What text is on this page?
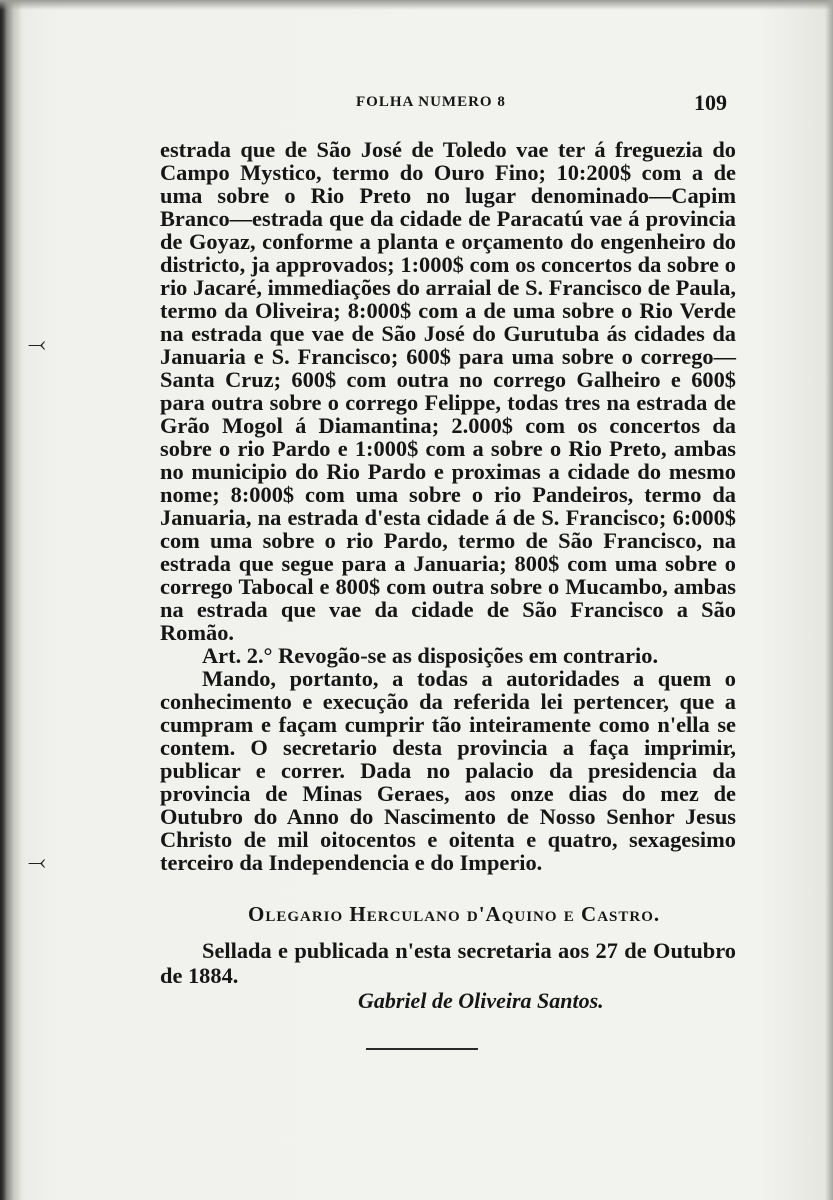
⤙
⤙
FOLHA NUMERO 8	109

estrada que de São José de Toledo vae ter á freguezia do Campo Mystico, termo do Ouro Fino; 10:200$ com a de uma sobre o Rio Preto no lugar denominado—Capim Branco—estrada que da cidade de Paracatú vae á provincia de Goyaz, conforme a planta e orçamento do engenheiro do districto, ja approvados; 1:000$ com os concertos da sobre o rio Jacaré, immediações do arraial de S. Francisco de Paula, termo da Oliveira; 8:000$ com a de uma sobre o Rio Verde na estrada que vae de São José do Gurutuba ás cidades da Januaria e S. Francisco; 600$ para uma sobre o corrego—Santa Cruz; 600$ com outra no corrego Galheiro e 600$ para outra sobre o corrego Felippe, todas tres na estrada de Grão Mogol á Diamantina; 2.000$ com os concertos da sobre o rio Pardo e 1:000$ com a sobre o Rio Preto, ambas no municipio do Rio Pardo e proximas a cidade do mesmo nome; 8:000$ com uma sobre o rio Pandeiros, termo da Januaria, na estrada d'esta cidade á de S. Francisco; 6:000$ com uma sobre o rio Pardo, termo de São Francisco, na estrada que segue para a Januaria; 800$ com uma sobre o corrego Tabocal e 800$ com outra sobre o Mucambo, ambas na estrada que vae da cidade de São Francisco a São Romão.

Art. 2.° Revogão-se as disposições em contrario.

Mando, portanto, a todas a autoridades a quem o conhecimento e execução da referida lei pertencer, que a cumpram e façam cumprir tão inteiramente como n'ella se contem. O secretario desta provincia a faça imprimir, publicar e correr. Dada no palacio da presidencia da provincia de Minas Geraes, aos onze dias do mez de Outubro do Anno do Nascimento de Nosso Senhor Jesus Christo de mil oitocentos e oitenta e quatro, sexagesimo terceiro da Independencia e do Imperio.

Olegario Herculano d'Aquino e Castro.

Sellada e publicada n'esta secretaria aos 27 de Outubro de 1884.

Gabriel de Oliveira Santos.
